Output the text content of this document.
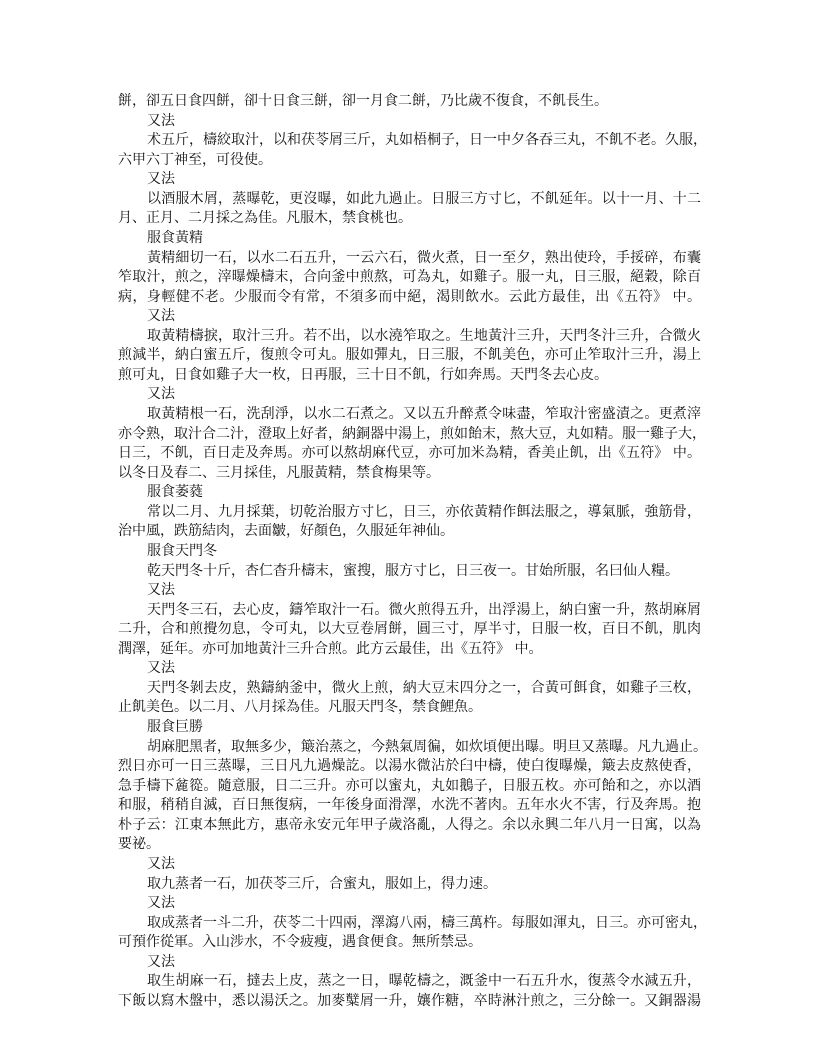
餅，卻五日食四餅，卻十日食三餅，卻一月食二餅，乃比歲不復食，不飢長生。
又法
术五斤，檮絞取汁，以和茯苓屑三斤，丸如梧桐子，日一中夕各吞三丸，不飢不老。久服，
六甲六丁神至，可役使。
又法
以酒服木屑，蒸曝乾，更沒曝，如此九過止。日服三方寸匕，不飢延年。以十一月、十二
月、正月、二月採之為佳。凡服木，禁食桃也。
服食黃精
黃精細切一石，以水二石五升，一云六石，微火煮，日一至夕，熟出使玲，手挼碎，布囊
笮取汁，煎之，滓曝燥檮末，合向釜中煎熬，可為丸，如雞子。服一丸，日三服，絕穀，除百
病，身輕健不老。少服而令有常，不須多而中絕，渴則飲水。云此方最佳，出《五符》 中。
又法
取黃精檮捩，取汁三升。若不出，以水澆笮取之。生地黃汁三升，天門冬汁三升，合微火
煎減半，納白蜜五斤，復煎令可丸。服如彈丸，日三服，不飢美色，亦可止笮取汁三升，湯上
煎可丸，日食如雞子大一枚，日再服，三十日不飢，行如奔馬。天門冬去心皮。
又法
取黃精根一石，洗刮淨，以水二石煮之。又以五升醉煮令味盡，笮取汁密盛漬之。更煮滓
亦令熟，取汁合二汁，澄取上好者，納銅器中湯上，煎如飴末，熬大豆，丸如精。服一雞子大，
日三，不飢，百日走及奔馬。亦可以熬胡麻代豆，亦可加米為精，香美止飢，出《五符》 中。
以冬日及春二、三月採佳，凡服黃精，禁食梅果等。
服食萎蕤
常以二月、九月採葉，切乾治服方寸匕，日三，亦依黃精作餌法服之，導氣脈，強筋骨，
治中風，跌筋結肉，去面皺，好顏色，久服延年神仙。
服食天門冬
乾天門冬十斤，杏仁杳升檮末，蜜搜，服方寸匕，日三夜一。甘始所服，名曰仙人糧。
又法
天門冬三石，去心皮，鑄笮取汁一石。微火煎得五升，出浮湯上，納白蜜一升，熬胡麻屑
二升，合和煎攪勿息，令可丸，以大豆卷屑餅，圓三寸，厚半寸，日服一枚，百日不飢，肌肉
潤澤，延年。亦可加地黃汁三升合煎。此方云最佳，出《五符》 中。
又法
天門冬剝去皮，熟鑄納釜中，微火上煎，納大豆末四分之一，合黃可餌食，如雞子三枚，
止飢美色。以二月、八月採為佳。凡服天門冬，禁食鯉魚。
服食巨勝
胡麻肥黑者，取無多少，簸治蒸之，今熱氣周徧，如炊頃便出曝。明旦又蒸曝。凡九過止。
烈日亦可一日三蒸曝，三日凡九過燥訖。以湯水微沾於臼中檮，使白復曝燥，簸去皮熬使香，
急手檮下麄篵。隨意服，日二三升。亦可以蜜丸，丸如鵝子，日服五枚。亦可飴和之，亦以酒
和服，稍稍自滅，百日無復病，一年後身面滑澤，水洗不著肉。五年水火不害，行及奔馬。抱
朴子云：江東本無此方，惠帝永安元年甲子歲洛亂，人得之。余以永興二年八月一日寓，以為
要祕。
又法
取九蒸者一石，加茯苓三斤，合蜜丸，服如上，得力速。
又法
取成蒸者一斗二升，茯苓二十四兩，澤瀉八兩，檮三萬杵。每服如渾丸，日三。亦可密丸，
可預作從軍。入山涉水，不令疲瘦，遇食便食。無所禁忌。
又法
取生胡麻一石，撻去上皮，蒸之一日，曝乾檮之，溉釜中一石五升水，復蒸令水減五升，
下飯以寫木盤中，悉以湯沃之。加麥糱屑一升，孃作糖，卒時淋汁煎之，三分餘一。又銅器湯
